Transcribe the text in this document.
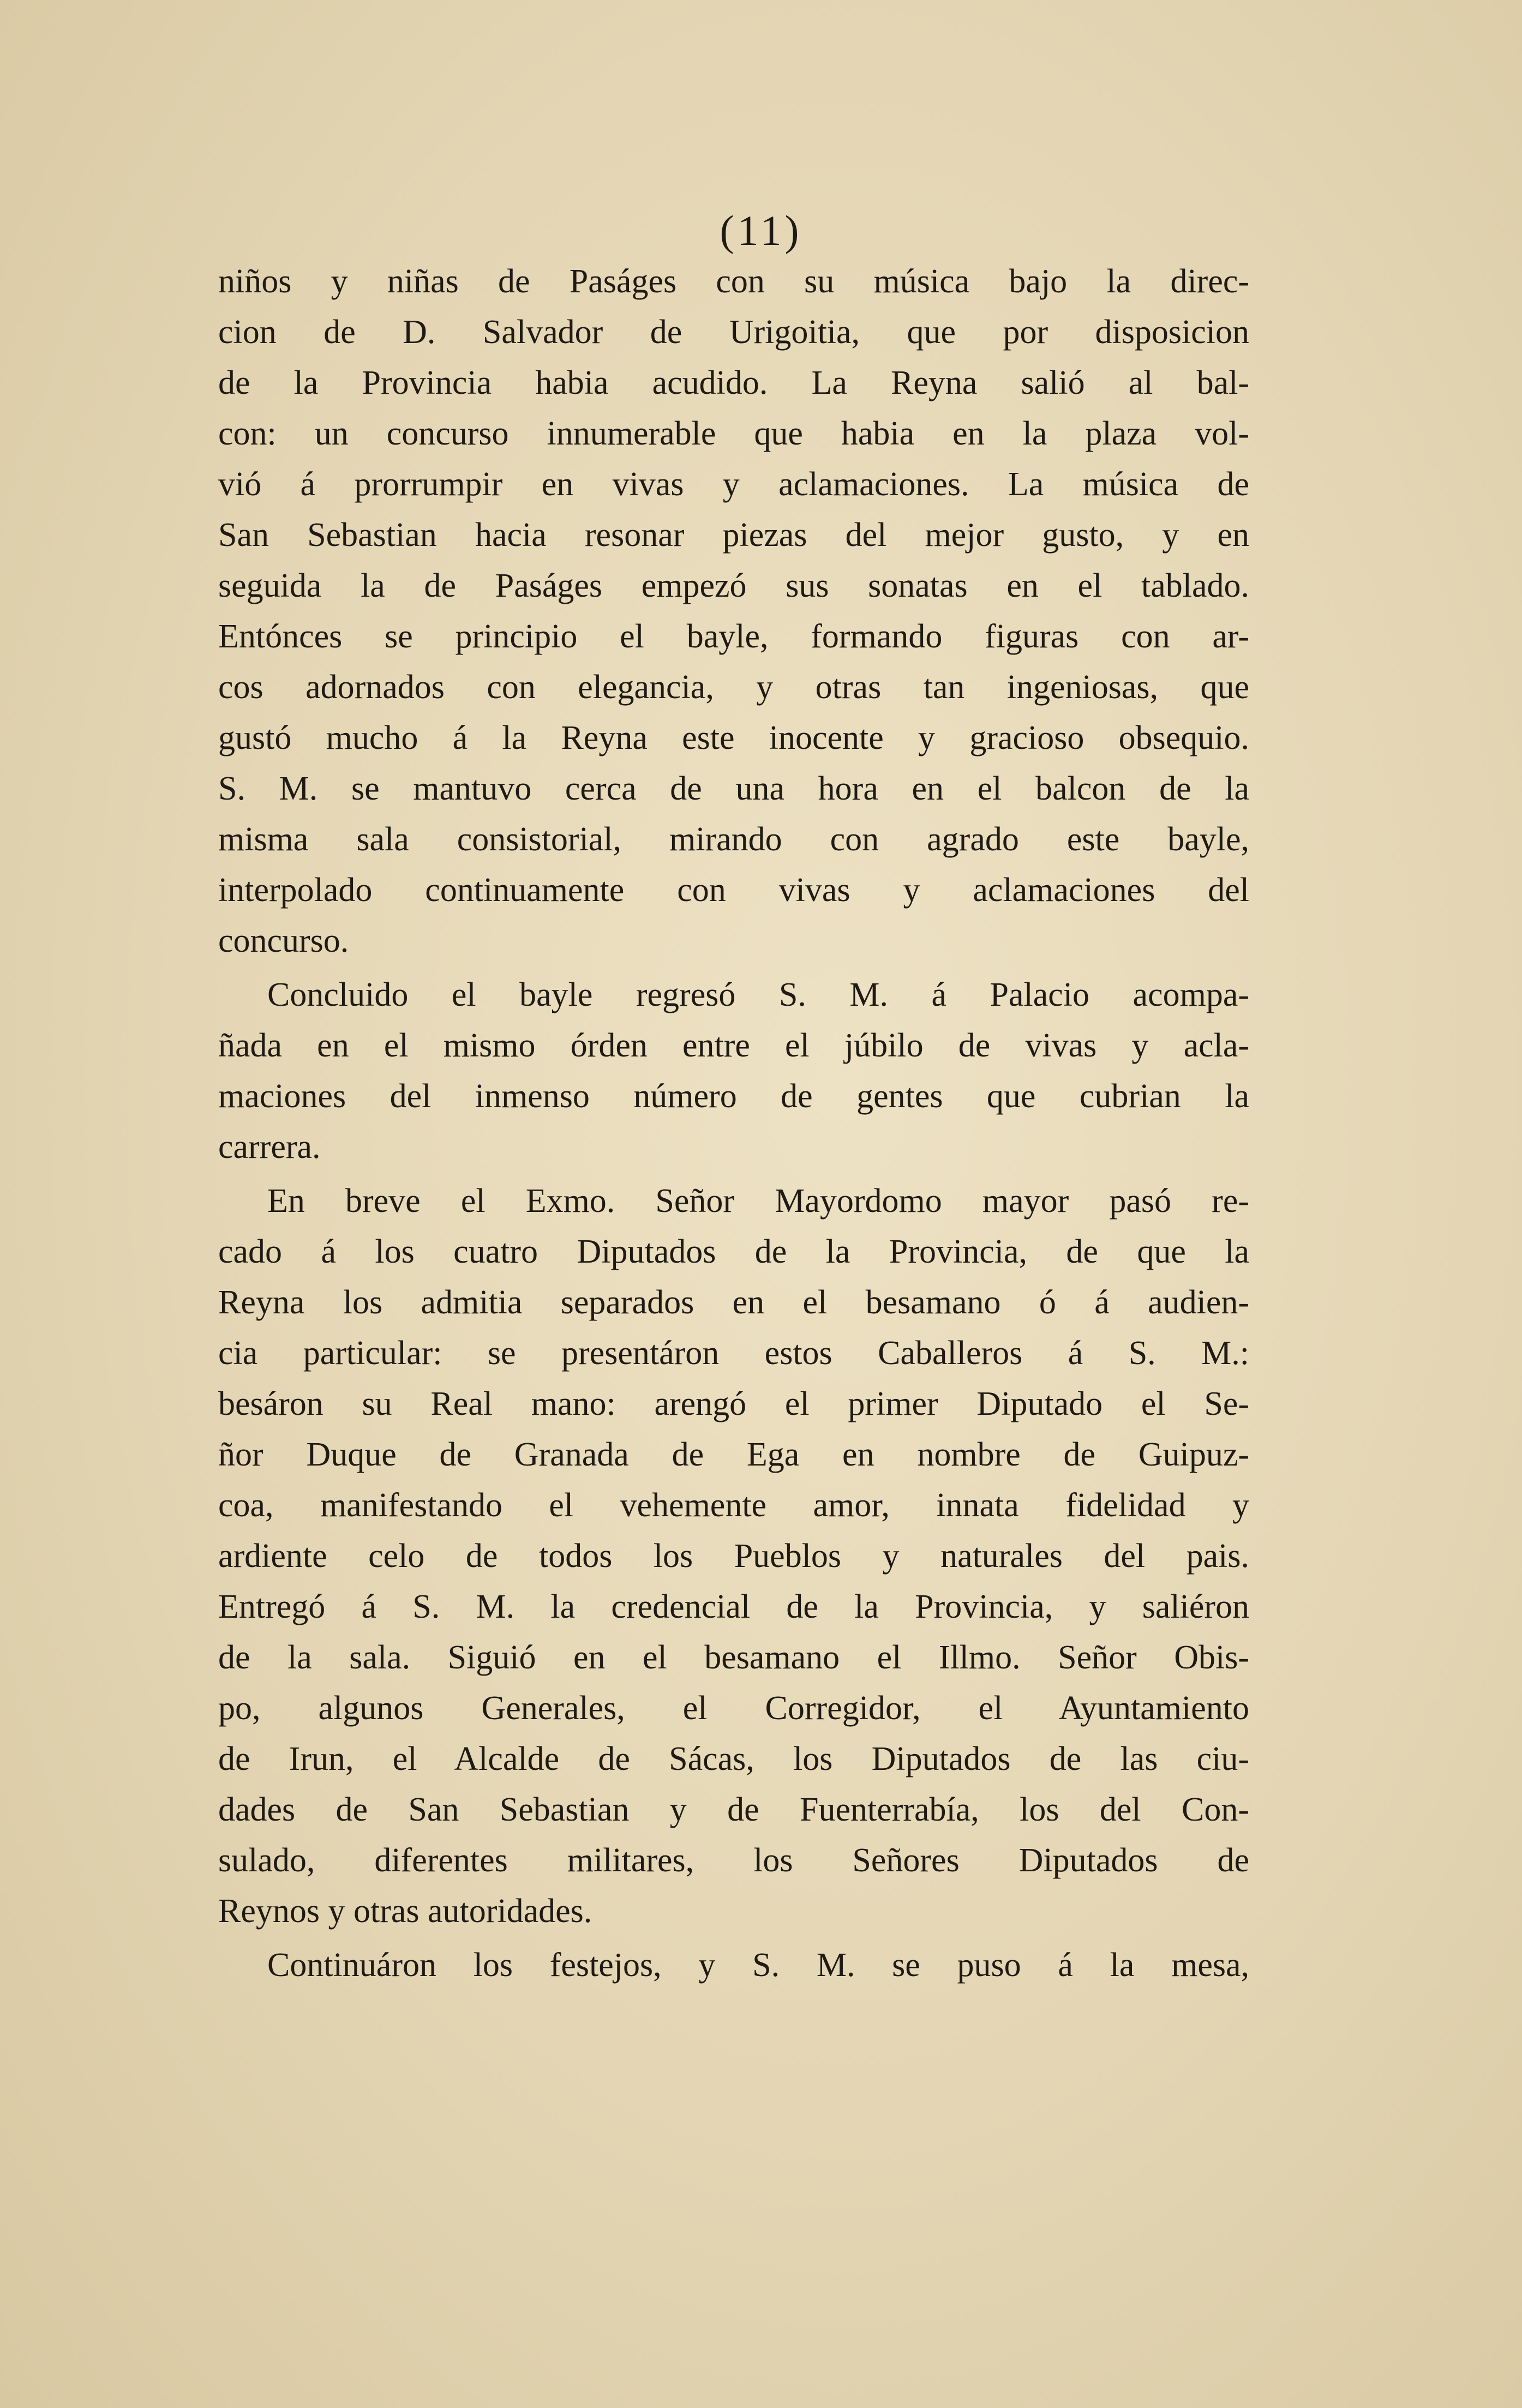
(11)
niños y niñas de Paságes con su música bajo la direc-
cion de D. Salvador de Urigoitia, que por disposicion
de la Provincia habia acudido. La Reyna salió al bal-
con: un concurso innumerable que habia en la plaza vol-
vió á prorrumpir en vivas y aclamaciones. La música de
San Sebastian hacia resonar piezas del mejor gusto, y en
seguida la de Paságes empezó sus sonatas en el tablado.
Entónces se principio el bayle, formando figuras con ar-
cos adornados con elegancia, y otras tan ingeniosas, que
gustó mucho á la Reyna este inocente y gracioso obsequio.
S. M. se mantuvo cerca de una hora en el balcon de la
misma sala consistorial, mirando con agrado este bayle,
interpolado continuamente con vivas y aclamaciones del
concurso.
Concluido el bayle regresó S. M. á Palacio acompa-
ñada en el mismo órden entre el júbilo de vivas y acla-
maciones del inmenso número de gentes que cubrian la
carrera.
En breve el Exmo. Señor Mayordomo mayor pasó re-
cado á los cuatro Diputados de la Provincia, de que la
Reyna los admitia separados en el besamano ó á audien-
cia particular: se presentáron estos Caballeros á S. M.:
besáron su Real mano: arengó el primer Diputado el Se-
ñor Duque de Granada de Ega en nombre de Guipuz-
coa, manifestando el vehemente amor, innata fidelidad y
ardiente celo de todos los Pueblos y naturales del pais.
Entregó á S. M. la credencial de la Provincia, y saliéron
de la sala. Siguió en el besamano el Illmo. Señor Obis-
po, algunos Generales, el Corregidor, el Ayuntamiento
de Irun, el Alcalde de Sácas, los Diputados de las ciu-
dades de San Sebastian y de Fuenterrabía, los del Con-
sulado, diferentes militares, los Señores Diputados de
Reynos y otras autoridades.
Continuáron los festejos, y S. M. se puso á la mesa,
